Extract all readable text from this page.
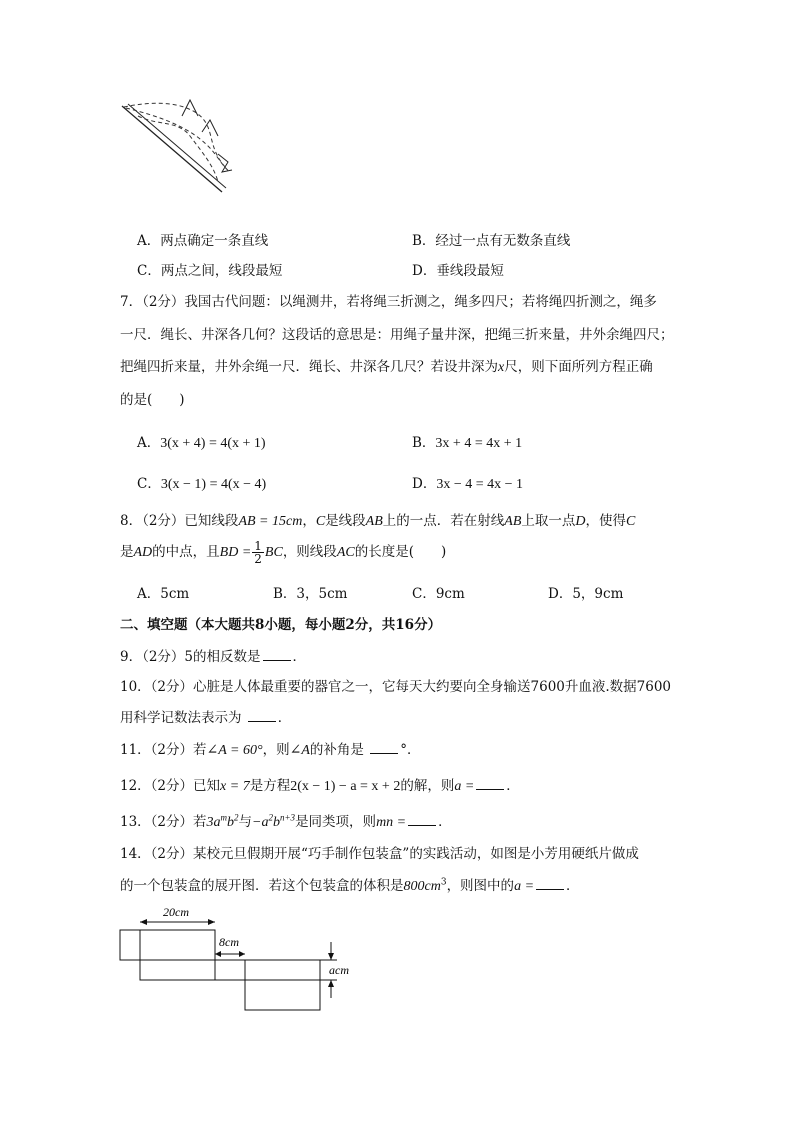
A．两点确定一条直线	B．经过一点有无数条直线
C．两点之间，线段最短	D．垂线段最短
7．（2分）我国古代问题：以绳测井，若将绳三折测之，绳多四尺；若将绳四折测之，绳多
一尺．绳长、井深各几何？这段话的意思是：用绳子量井深，把绳三折来量，井外余绳四尺；
把绳四折来量，井外余绳一尺．绳长、井深各几尺？若设井深为x尺，则下面所列方程正确
的是(　　)
A．3(x + 4) = 4(x + 1)	B．3x + 4 = 4x + 1
C．3(x − 1) = 4(x − 4)	D．3x − 4 = 4x − 1
8．（2分）已知线段AB = 15cm，C是线段AB上的一点．若在射线AB上取一点D，使得C
是AD的中点，且BD = $\frac{1}{2}$ BC，则线段AC的长度是(　　)
A．5cm	B．3，5cm	C．9cm	D．5，9cm
二、填空题（本大题共8小题，每小题2分，共16分）
9．（2分）5的相反数是 ．
10．（2分）心脏是人体最重要的器官之一，它每天大约要向全身输送7600升血液.数据7600
用科学记数法表示为	．
11．（2分）若∠A = 60°，则∠A的补角是	°．
12．（2分）已知x = 7是方程2(x − 1) − a = x + 2的解，则a = ．
13．（2分）若$3a^mb^2$与$-a^2b^{n+3}$是同类项，则mn = ．
14．（2分）某校元旦假期开展“巧手制作包装盒”的实践活动，如图是小芳用硬纸片做成
的一个包装盒的展开图．若这个包装盒的体积是$800cm^3$，则图中的a = ．
20cm
8cm
acm
